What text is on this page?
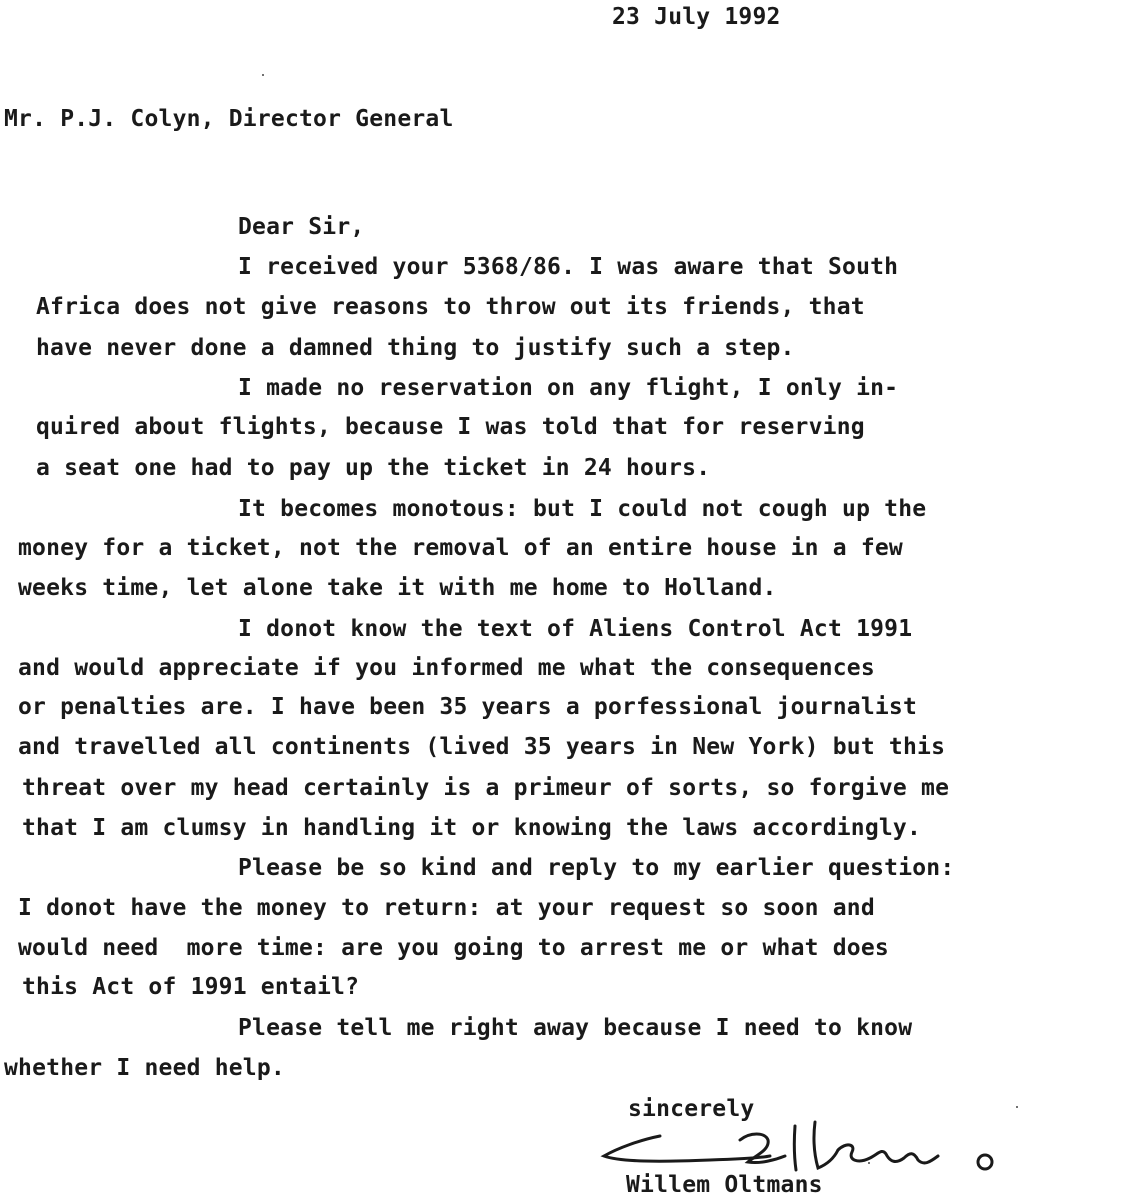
23 July 1992
Mr. P.J. Colyn, Director General
Dear Sir,
I received your 5368/86. I was aware that South
Africa does not give reasons to throw out its friends, that
have never done a damned thing to justify such a step.
I made no reservation on any flight, I only in-
quired about flights, because I was told that for reserving
a seat one had to pay up the ticket in 24 hours.
It becomes monotous: but I could not cough up the
money for a ticket, not the removal of an entire house in a few
weeks time, let alone take it with me home to Holland.
I donot know the text of Aliens Control Act 1991
and would appreciate if you informed me what the consequences
or penalties are. I have been 35 years a porfessional journalist
and travelled all continents (lived 35 years in New York) but this
threat over my head certainly is a primeur of sorts, so forgive me
that I am clumsy in handling it or knowing the laws accordingly.
Please be so kind and reply to my earlier question:
I donot have the money to return: at your request so soon and
would need  more time: are you going to arrest me or what does
this Act of 1991 entail?
Please tell me right away because I need to know
whether I need help.
sincerely
Willem Oltmans
